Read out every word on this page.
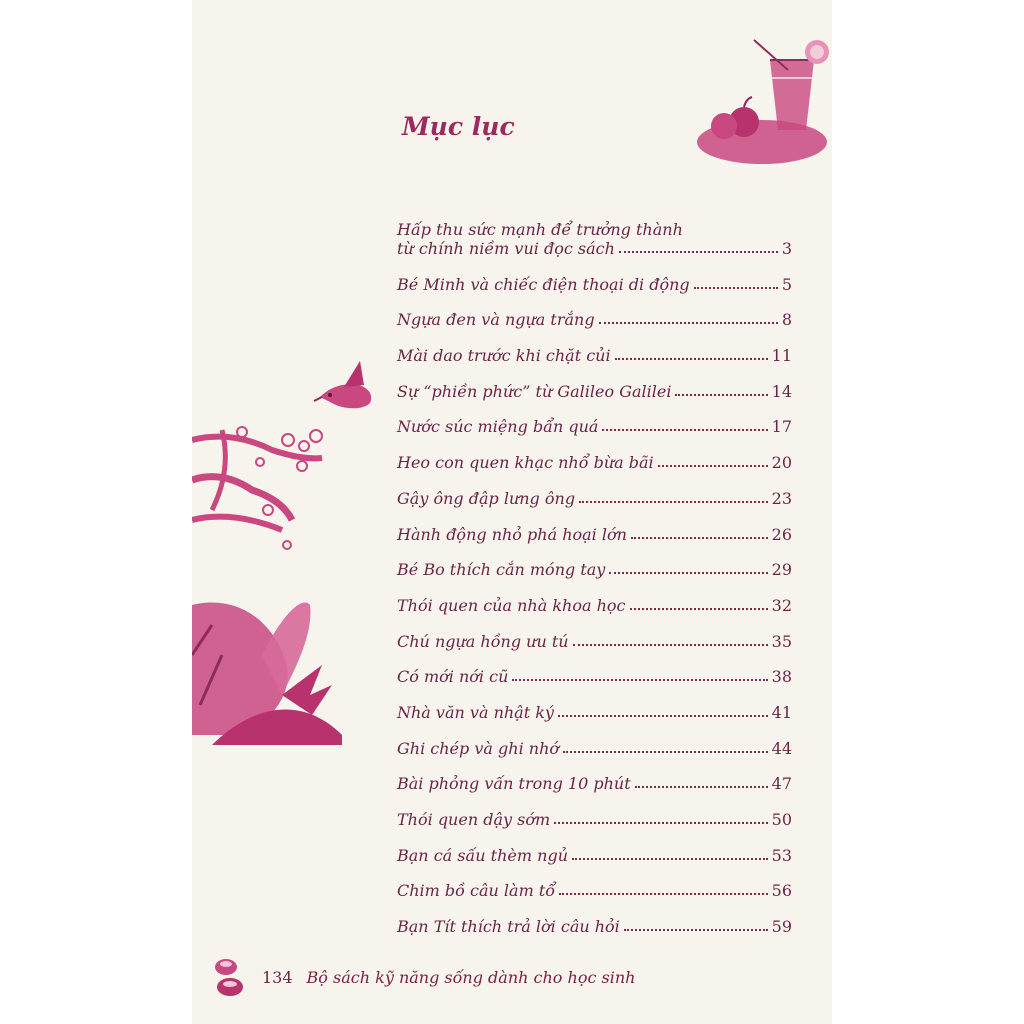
Mục lục
Hấp thu sức mạnh để trưởng thành
từ chính niềm vui đọc sách	3
Bé Minh và chiếc điện thoại di động	5
Ngựa đen và ngựa trắng	8
Mài dao trước khi chặt củi	11
Sự “phiền phức” từ Galileo Galilei	14
Nước súc miệng bẩn quá	17
Heo con quen khạc nhổ bừa bãi	20
Gậy ông đập lưng ông	23
Hành động nhỏ phá hoại lớn	26
Bé Bo thích cắn móng tay	29
Thói quen của nhà khoa học	32
Chú ngựa hồng ưu tú	35
Có mới nới cũ	38
Nhà văn và nhật ký	41
Ghi chép và ghi nhớ	44
Bài phỏng vấn trong 10 phút	47
Thói quen dậy sớm	50
Bạn cá sấu thèm ngủ	53
Chim bồ câu làm tổ	56
Bạn Tít thích trả lời câu hỏi	59
134 Bộ sách kỹ năng sống dành cho học sinh
